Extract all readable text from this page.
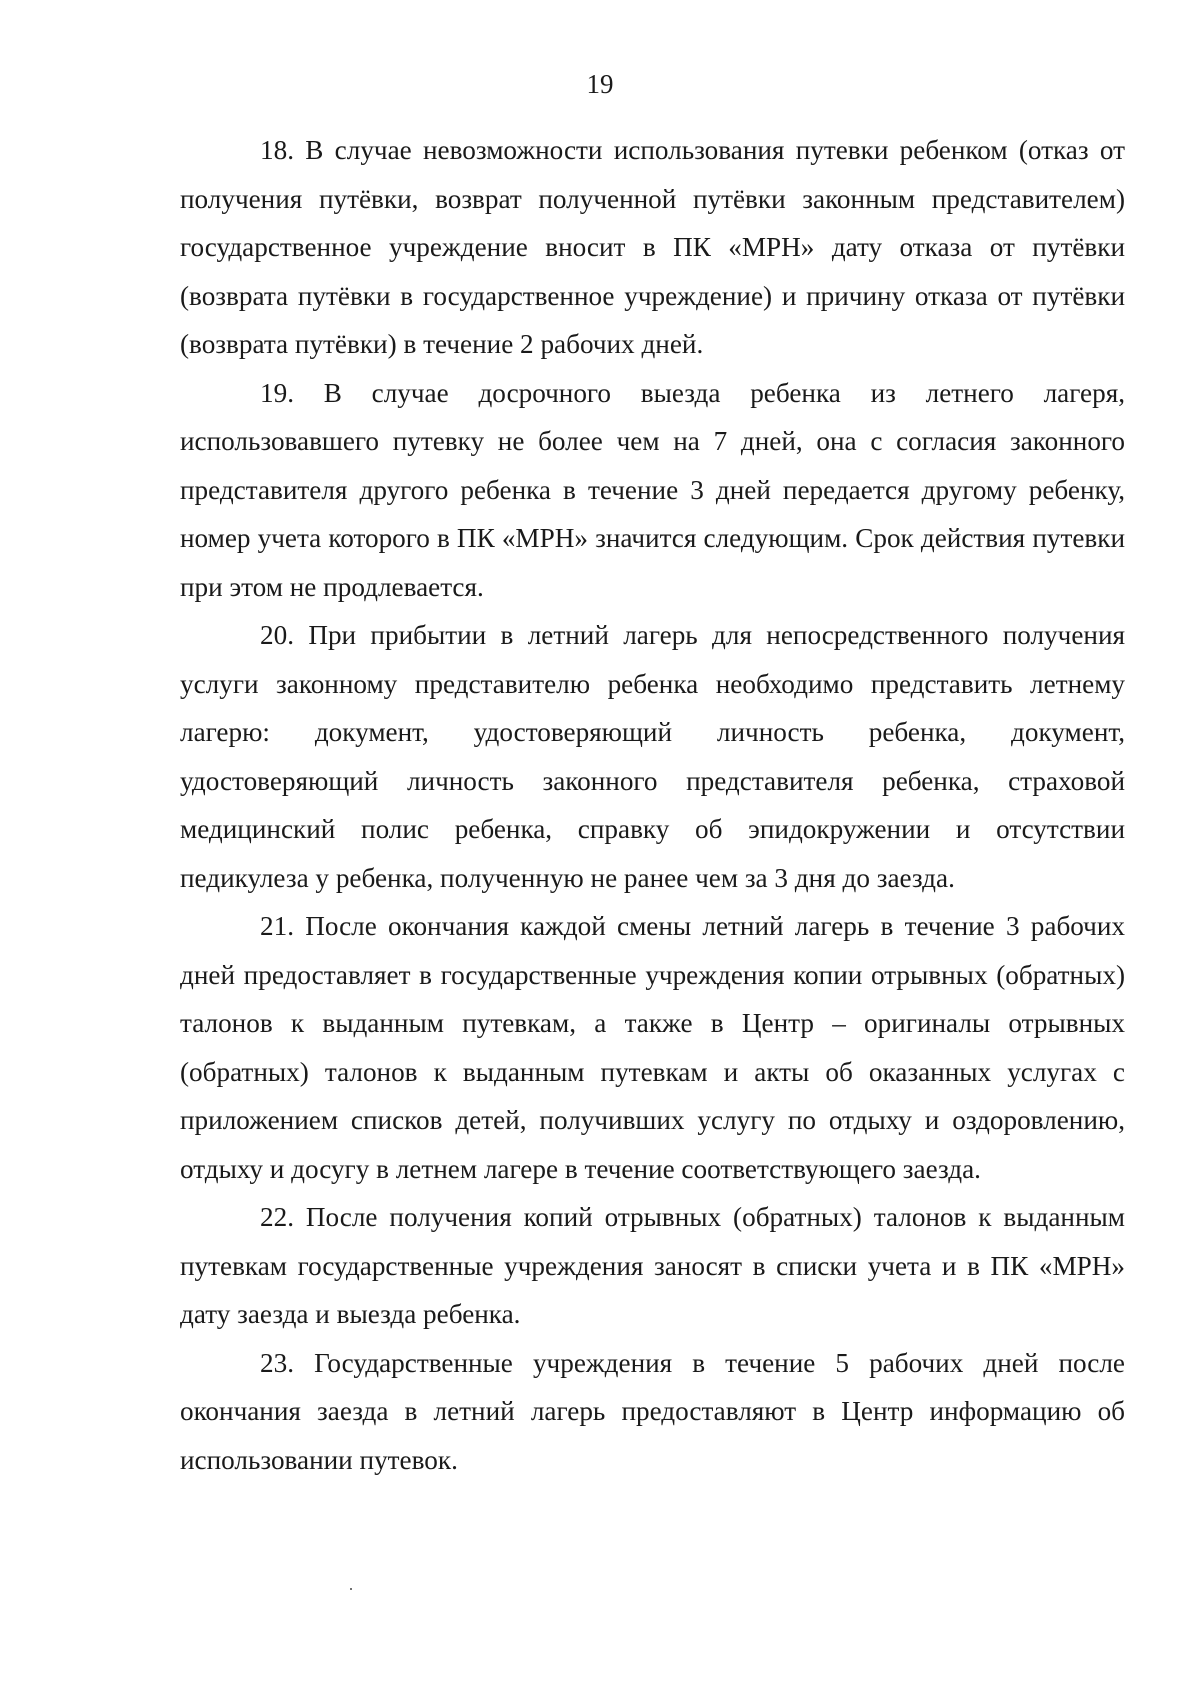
19

18. В случае невозможности использования путевки ребенком (отказ от получения путёвки, возврат полученной путёвки законным представителем) государственное учреждение вносит в ПК «МРН» дату отказа от путёвки (возврата путёвки в государственное учреждение) и причину отказа от путёвки (возврата путёвки) в течение 2 рабочих дней.

19. В случае досрочного выезда ребенка из летнего лагеря, использовавшего путевку не более чем на 7 дней, она с согласия законного представителя другого ребенка в течение 3 дней передается другому ребенку, номер учета которого в ПК «МРН» значится следующим. Срок действия путевки при этом не продлевается.

20. При прибытии в летний лагерь для непосредственного получения услуги законному представителю ребенка необходимо представить летнему лагерю: документ, удостоверяющий личность ребенка, документ, удостоверяющий личность законного представителя ребенка, страховой медицинский полис ребенка, справку об эпидокружении и отсутствии педикулеза у ребенка, полученную не ранее чем за 3 дня до заезда.

21. После окончания каждой смены летний лагерь в течение 3 рабочих дней предоставляет в государственные учреждения копии отрывных (обратных) талонов к выданным путевкам, а также в Центр – оригиналы отрывных (обратных) талонов к выданным путевкам и акты об оказанных услугах с приложением списков детей, получивших услугу по отдыху и оздоровлению, отдыху и досугу в летнем лагере в течение соответствующего заезда.

22. После получения копий отрывных (обратных) талонов к выданным путевкам государственные учреждения заносят в списки учета и в ПК «МРН» дату заезда и выезда ребенка.

23. Государственные учреждения в течение 5 рабочих дней после окончания заезда в летний лагерь предоставляют в Центр информацию об использовании путевок.
